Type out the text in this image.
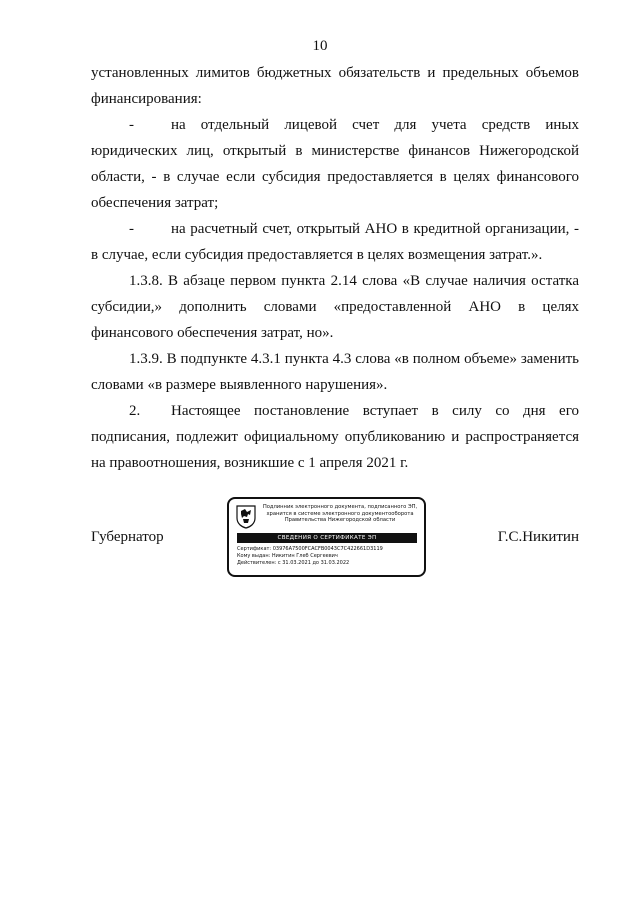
10

установленных лимитов бюджетных обязательств и предельных объемов финансирования:

- на отдельный лицевой счет для учета средств иных юридических лиц, открытый в министерстве финансов Нижегородской области, - в случае если субсидия предоставляется в целях финансового обеспечения затрат;

- на расчетный счет, открытый АНО в кредитной организации, - в случае, если субсидия предоставляется в целях возмещения затрат.».

1.3.8. В абзаце первом пункта 2.14 слова «В случае наличия остатка субсидии,» дополнить словами «предоставленной АНО в целях финансового обеспечения затрат, но».

1.3.9. В подпункте 4.3.1 пункта 4.3 слова «в полном объеме» заменить словами «в размере выявленного нарушения».

2. Настоящее постановление вступает в силу со дня его подписания, подлежит официальному опубликованию и распространяется на правоотношения, возникшие с 1 апреля 2021 г.

Губернатор
Подлинник электронного документа, подписанного ЭП,
хранится в системе электронного документооборота
Правительства Нижегородской области
СВЕДЕНИЯ О СЕРТИФИКАТЕ ЭП
Сертификат: 03976A7500FCACFB0043C7C422661D3119
Кому выдан: Никитин Глеб Сергеевич
Действителен: с 31.03.2021 до 31.03.2022
Г.С.Никитин
